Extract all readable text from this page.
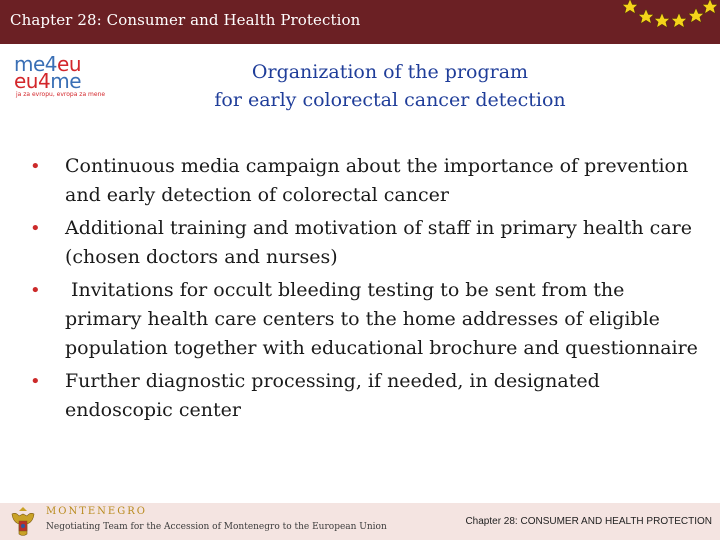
Chapter 28: Consumer and Health Protection
me4eu
eu4me
ja za evropu, evropa za mene
Organization of the program
for early colorectal cancer detection
•	Continuous media campaign about the importance of prevention and early detection of colorectal cancer
•	Additional training and motivation of staff in primary health care (chosen doctors and nurses)
•	Invitations for occult bleeding testing to be sent from the primary health care centers to the home addresses of eligible population together with educational brochure and questionnaire
•	Further diagnostic processing, if needed, in designated endoscopic center
MONTENEGRO
Negotiating Team for the Accession of Montenegro to the European Union	Chapter 28: CONSUMER AND HEALTH PROTECTION
